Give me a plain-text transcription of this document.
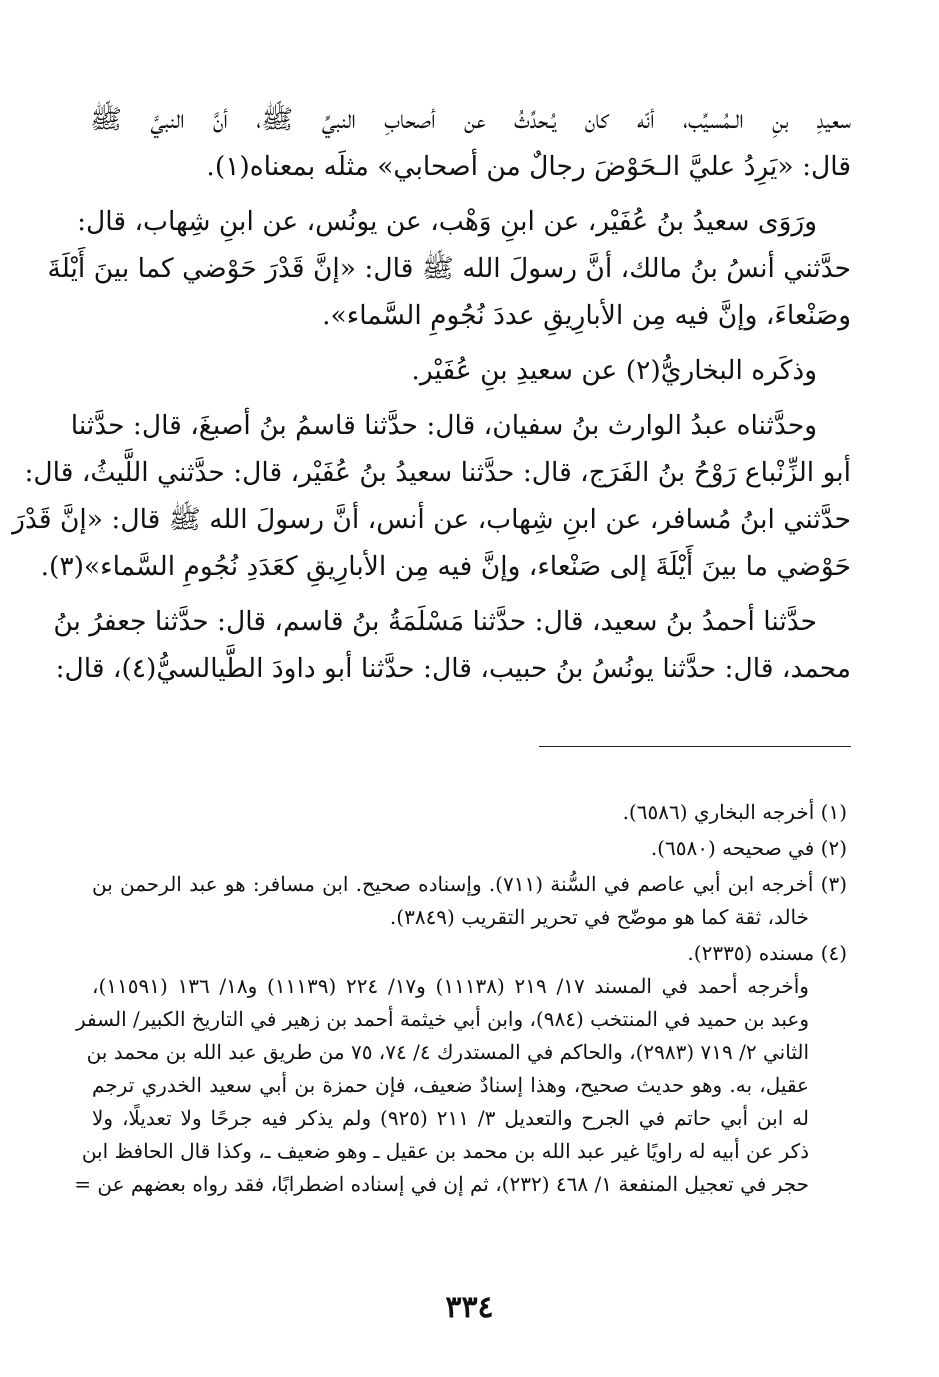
سعيدِ بنِ الـمُسيِّب، أنّه كان يُـحدِّثُ عن أصحابِ النبيِّ ﷺ، أنَّ النبيَّ ﷺ
قال: «يَرِدُ عليَّ الـحَوْضَ رجالٌ من أصحابي» مثلَه بمعناه(١).
ورَوَى سعيدُ بنُ عُفَيْر، عن ابنِ وَهْب، عن يونُس، عن ابنِ شِهاب، قال:
حدَّثني أنسُ بنُ مالك، أنَّ رسولَ الله ﷺ قال: «إنَّ قَدْرَ حَوْضي كما بينَ أَيْلَةَ
وصَنْعاءَ، وإنَّ فيه مِن الأبارِيقِ عددَ نُجُومِ السَّماء».
وذكَره البخاريُّ(٢) عن سعيدِ بنِ عُفَيْر.
وحدَّثناه عبدُ الوارث بنُ سفيان، قال: حدَّثنا قاسمُ بنُ أصبغَ، قال: حدَّثنا
أبو الزِّنْباع رَوْحُ بنُ الفَرَج، قال: حدَّثنا سعيدُ بنُ عُفَيْر، قال: حدَّثني اللَّيثُ، قال:
حدَّثني ابنُ مُسافر، عن ابنِ شِهاب، عن أنس، أنَّ رسولَ الله ﷺ قال: «إنَّ قَدْرَ
حَوْضي ما بينَ أَيْلَةَ إلى صَنْعاء، وإنَّ فيه مِن الأبارِيقِ كعَدَدِ نُجُومِ السَّماء»(٣).
حدَّثنا أحمدُ بنُ سعيد، قال: حدَّثنا مَسْلَمَةُ بنُ قاسم، قال: حدَّثنا جعفرُ بنُ
محمد، قال: حدَّثنا يونُسُ بنُ حبيب، قال: حدَّثنا أبو داودَ الطَّيالسيُّ(٤)، قال:
(١) أخرجه البخاري (٦٥٨٦).
(٢) في صحيحه (٦٥٨٠).
(٣) أخرجه ابن أبي عاصم في السُّنة (٧١١). وإسناده صحيح. ابن مسافر: هو عبد الرحمن بن
خالد، ثقة كما هو موضّح في تحرير التقريب (٣٨٤٩).
(٤) مسنده (٢٣٣٥).
وأخرجه أحمد في المسند ١٧/ ٢١٩ (١١١٣٨) و١٧/ ٢٢٤ (١١١٣٩) و١٨/ ١٣٦ (١١٥٩١)،
وعبد بن حميد في المنتخب (٩٨٤)، وابن أبي خيثمة أحمد بن زهير في التاريخ الكبير/ السفر
الثاني ٢/ ٧١٩ (٢٩٨٣)، والحاكم في المستدرك ٤/ ٧٤، ٧٥ من طريق عبد الله بن محمد بن
عقيل، به. وهو حديث صحيح، وهذا إسنادٌ ضعيف، فإن حمزة بن أبي سعيد الخدري ترجم
له ابن أبي حاتم في الجرح والتعديل ٣/ ٢١١ (٩٢٥) ولم يذكر فيه جرحًا ولا تعديلًا، ولا
ذكر عن أبيه له راويًا غير عبد الله بن محمد بن عقيل ـ وهو ضعيف ـ، وكذا قال الحافظ ابن
حجر في تعجيل المنفعة ١/ ٤٦٨ (٢٣٢)، ثم إن في إسناده اضطرابًا، فقد رواه بعضهم عن =
٣٣٤
